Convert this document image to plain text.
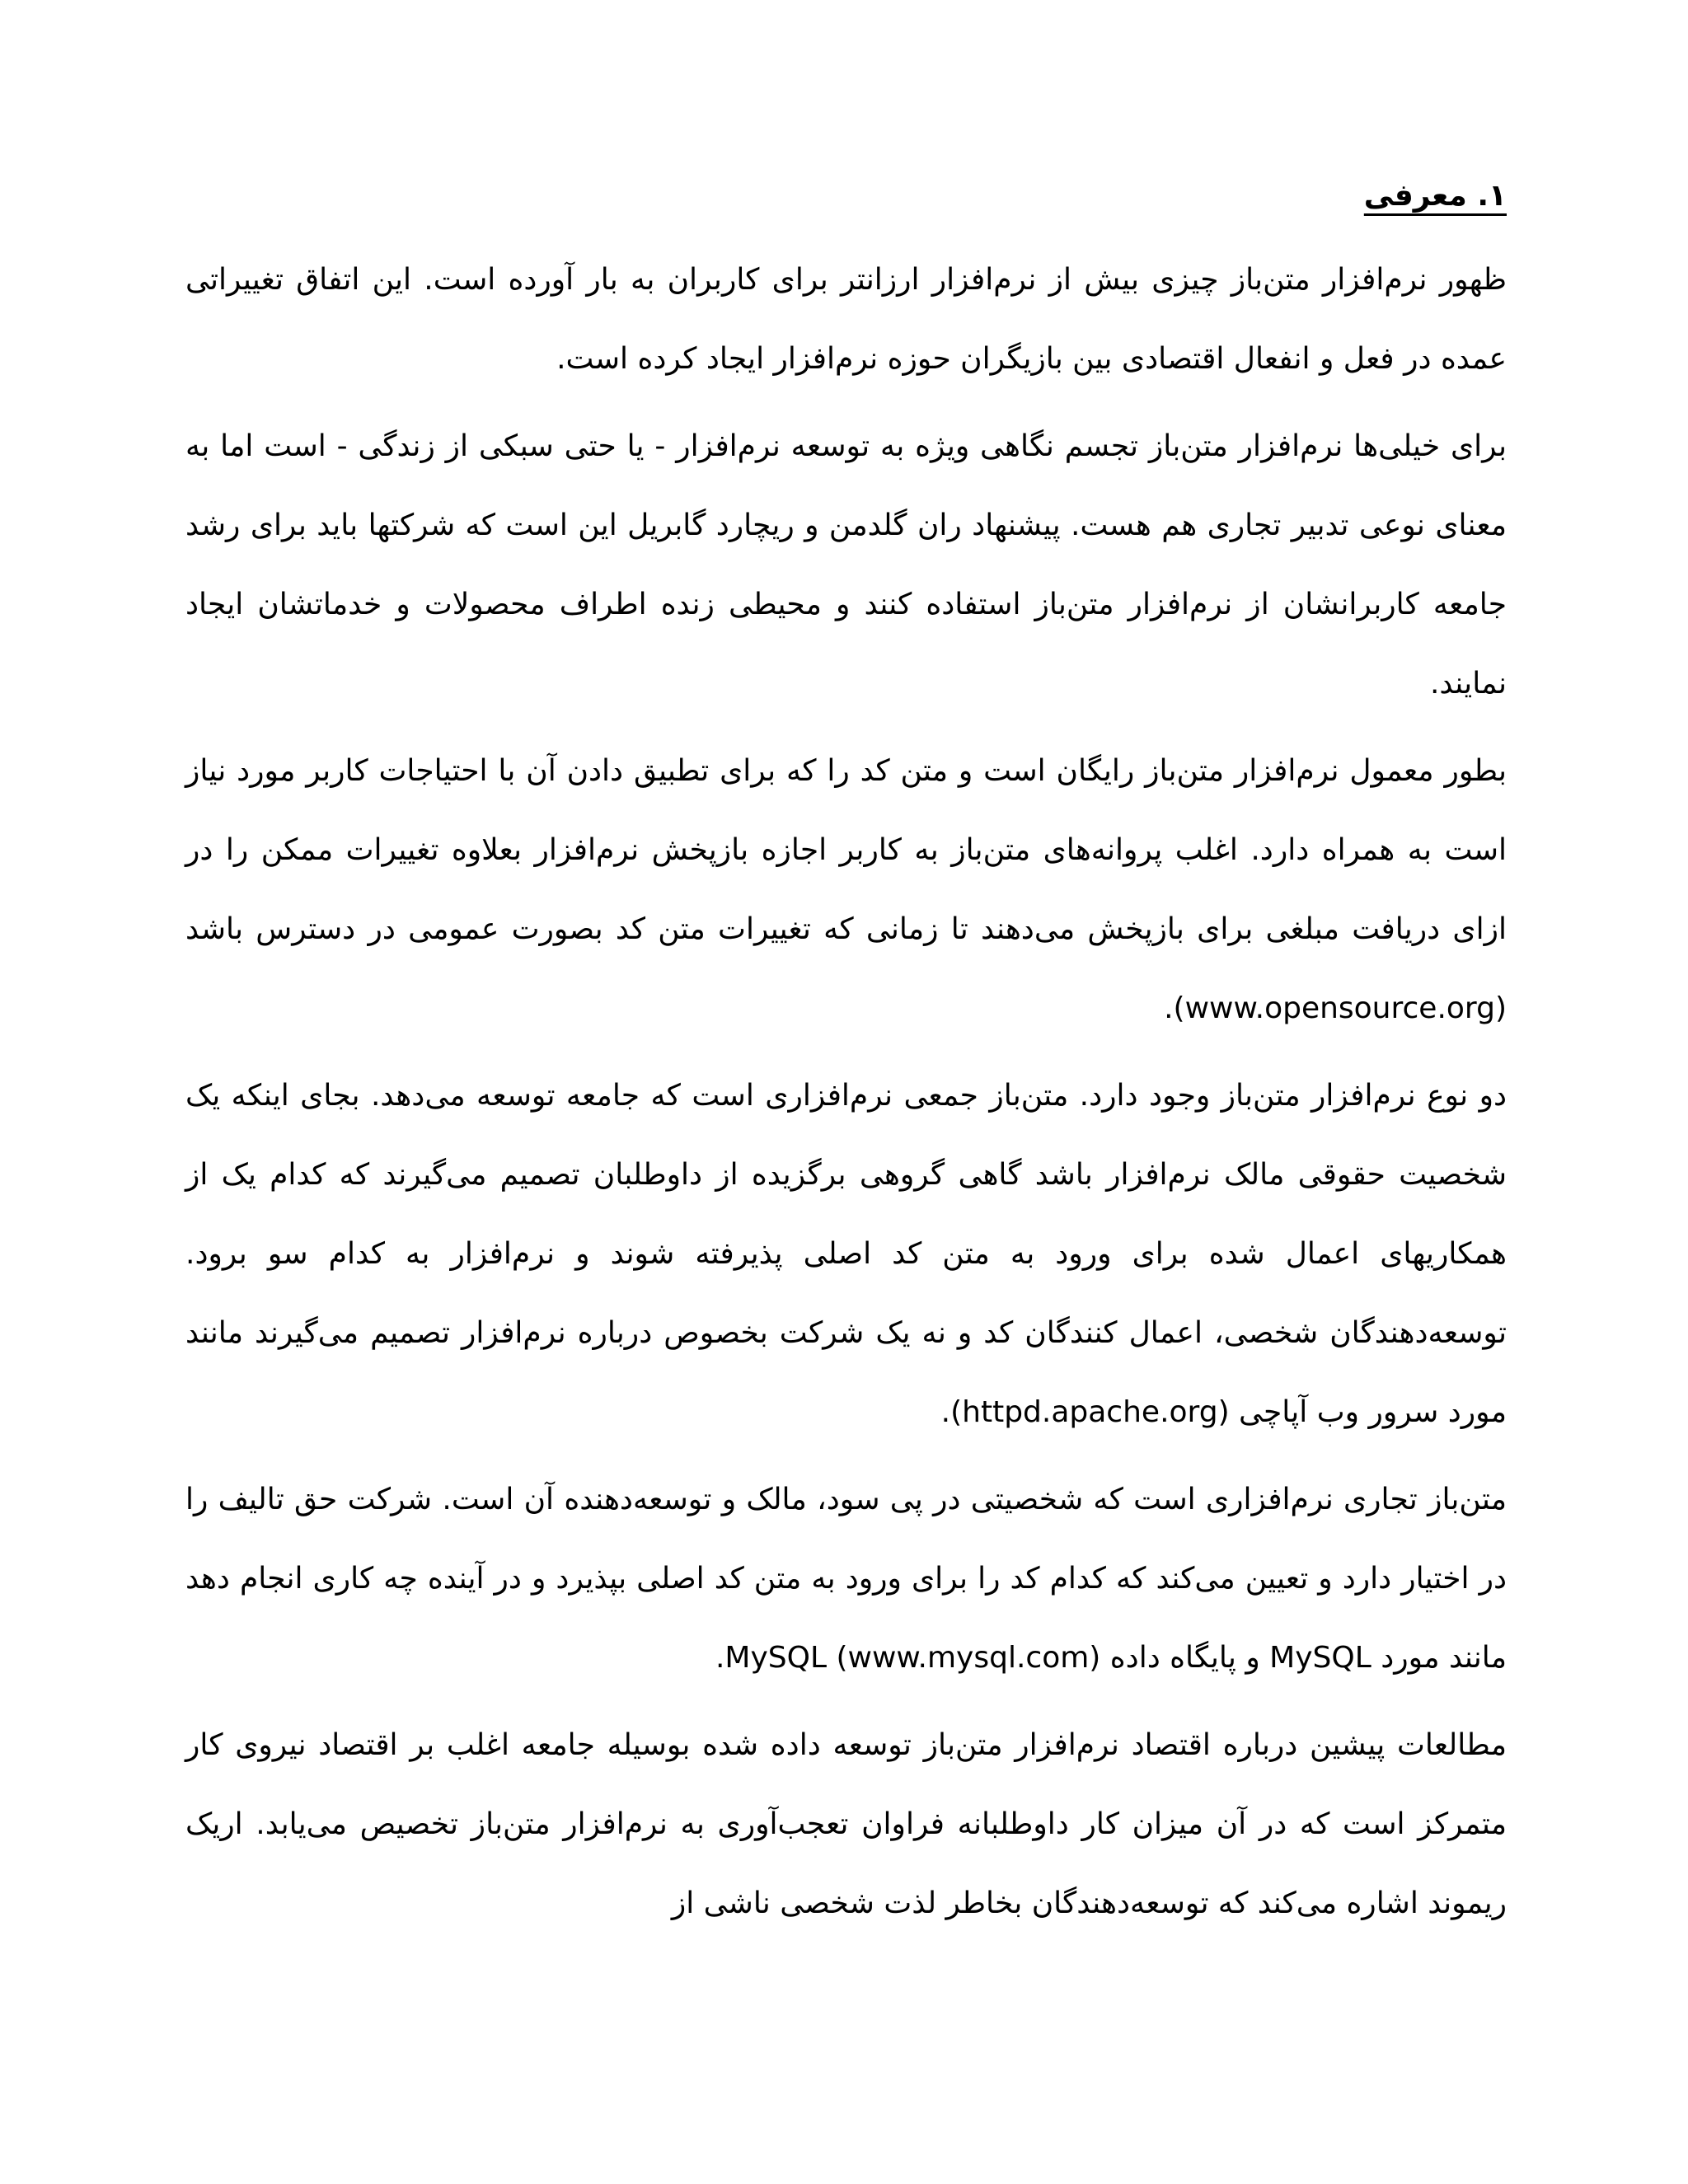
۱. معرفی

ظهور نرم‌افزار متن‌باز چیزی بیش از نرم‌افزار ارزانتر برای کاربران به بار آورده است. این اتفاق تغییراتی عمده در فعل و انفعال اقتصادی بین بازیگران حوزه نرم‌افزار ایجاد کرده است.

برای خیلی‌ها نرم‌افزار متن‌باز تجسم نگاهی ویژه به توسعه نرم‌افزار - یا حتی سبکی از زندگی - است اما به معنای نوعی تدبیر تجاری هم هست. پیشنهاد ران گلدمن و ریچارد گابریل این است که شرکتها باید برای رشد جامعه کاربرانشان از نرم‌افزار متن‌باز استفاده کنند و محیطی زنده اطراف محصولات و خدماتشان ایجاد نمایند.

بطور معمول نرم‌افزار متن‌باز رایگان است و متن کد را که برای تطبیق دادن آن با احتیاجات کاربر مورد نیاز است به همراه دارد. اغلب پروانه‌های متن‌باز به کاربر اجازه بازپخش نرم‌افزار بعلاوه تغییرات ممکن را در ازای دریافت مبلغی برای بازپخش می‌دهند تا زمانی که تغییرات متن کد بصورت عمومی در دسترس باشد (www.opensource.org).

دو نوع نرم‌افزار متن‌باز وجود دارد. متن‌باز جمعی نرم‌افزاری است که جامعه توسعه می‌دهد. بجای اینکه یک شخصیت حقوقی مالک نرم‌افزار باشد گاهی گروهی برگزیده از داوطلبان تصمیم می‌گیرند که کدام یک از همکاریهای اعمال شده برای ورود به متن کد اصلی پذیرفته شوند و نرم‌افزار به کدام سو برود. توسعه‌دهندگان شخصی، اعمال کنندگان کد و نه یک شرکت بخصوص درباره نرم‌افزار تصمیم می‌گیرند مانند مورد سرور وب آپاچی (httpd.apache.org).

متن‌باز تجاری نرم‌افزاری است که شخصیتی در پی سود، مالک و توسعه‌دهنده آن است. شرکت حق تالیف را در اختیار دارد و تعیین می‌کند که کدام کد را برای ورود به متن کد اصلی بپذیرد و در آینده چه کاری انجام دهد مانند مورد MySQL و پایگاه داده MySQL (www.mysql.com).

مطالعات پیشین درباره اقتصاد نرم‌افزار متن‌باز توسعه داده شده بوسیله جامعه اغلب بر اقتصاد نیروی کار متمرکز است که در آن میزان کار داوطلبانه فراوان تعجب‌آوری به نرم‌افزار متن‌باز تخصیص می‌یابد. اریک ریموند اشاره می‌کند که توسعه‌دهندگان بخاطر لذت شخصی ناشی از
